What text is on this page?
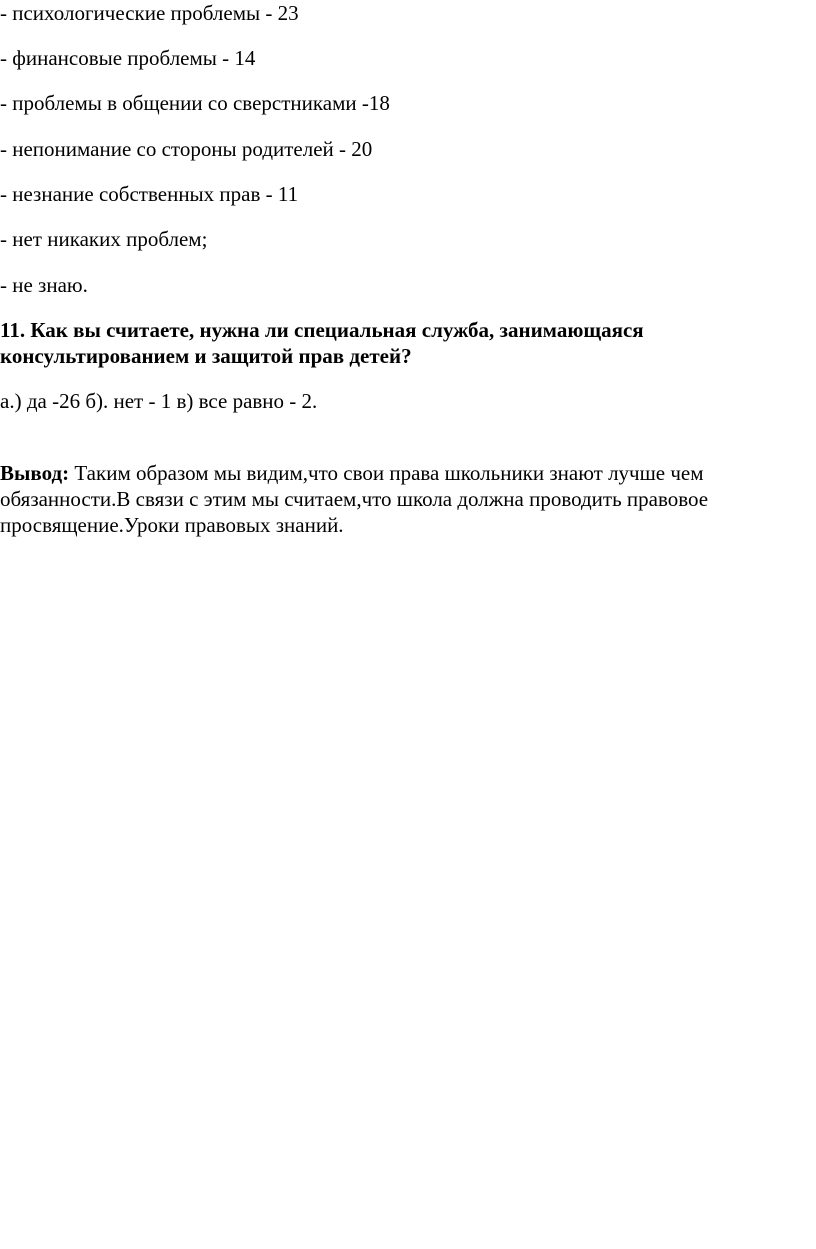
- психологические проблемы - 23
- финансовые проблемы - 14
- проблемы в общении со сверстниками -18
- непонимание со стороны родителей - 20
- незнание собственных прав - 11
- нет никаких проблем;
- не знаю.
11. Как вы считаете, нужна ли специальная служба, занимающаяся
консультированием и защитой прав детей?
а.) да -26 б). нет - 1 в) все равно - 2.
Вывод: Таким образом мы видим,что свои права школьники знают лучше чем
обязанности.В связи с этим мы считаем,что школа должна проводить правовое
просвящение.Уроки правовых знаний.
